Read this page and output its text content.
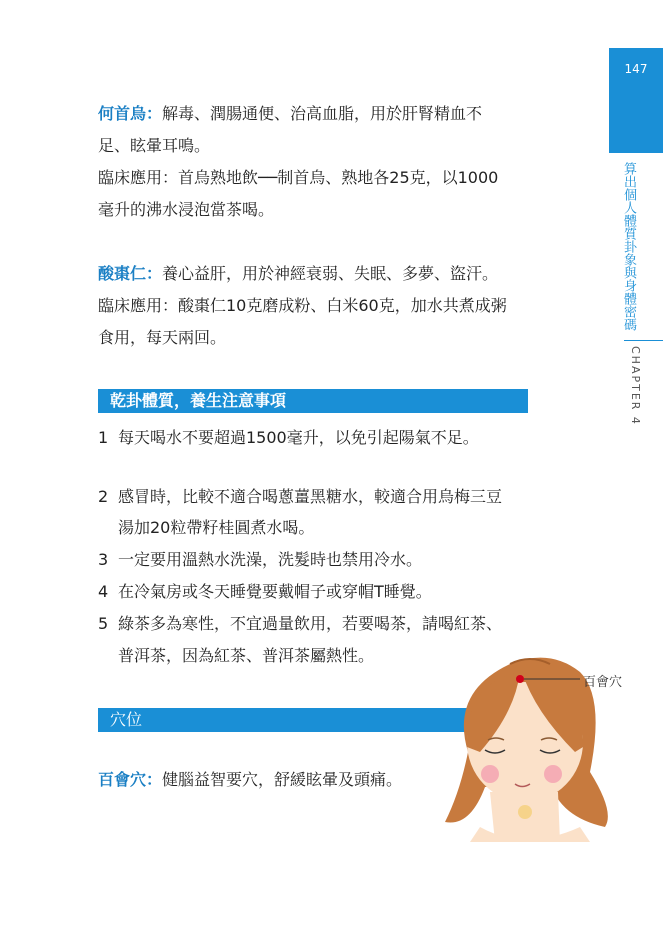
147
算出個人體質卦象與身體密碼
CHAPTER 4
何首烏：解毒、潤腸通便、治高血脂，用於肝腎精血不
足、眩暈耳鳴。
臨床應用：首烏熟地飲──制首烏、熟地各25克，以1000
毫升的沸水浸泡當茶喝。
酸棗仁：養心益肝，用於神經衰弱、失眠、多夢、盜汗。
臨床應用：酸棗仁10克磨成粉、白米60克，加水共煮成粥
食用，每天兩回。
乾卦體質，養生注意事項
1 每天喝水不要超過1500毫升，以免引起陽氣不足。
2 感冒時，比較不適合喝蔥薑黑糖水，較適合用烏梅三豆
湯加20粒帶籽桂圓煮水喝。
3 一定要用溫熱水洗澡，洗髮時也禁用冷水。
4 在冷氣房或冬天睡覺要戴帽子或穿帽T睡覺。
5 綠茶多為寒性，不宜過量飲用，若要喝茶，請喝紅茶、
普洱茶，因為紅茶、普洱茶屬熱性。
穴位
百會穴：健腦益智要穴，舒緩眩暈及頭痛。
百會穴
